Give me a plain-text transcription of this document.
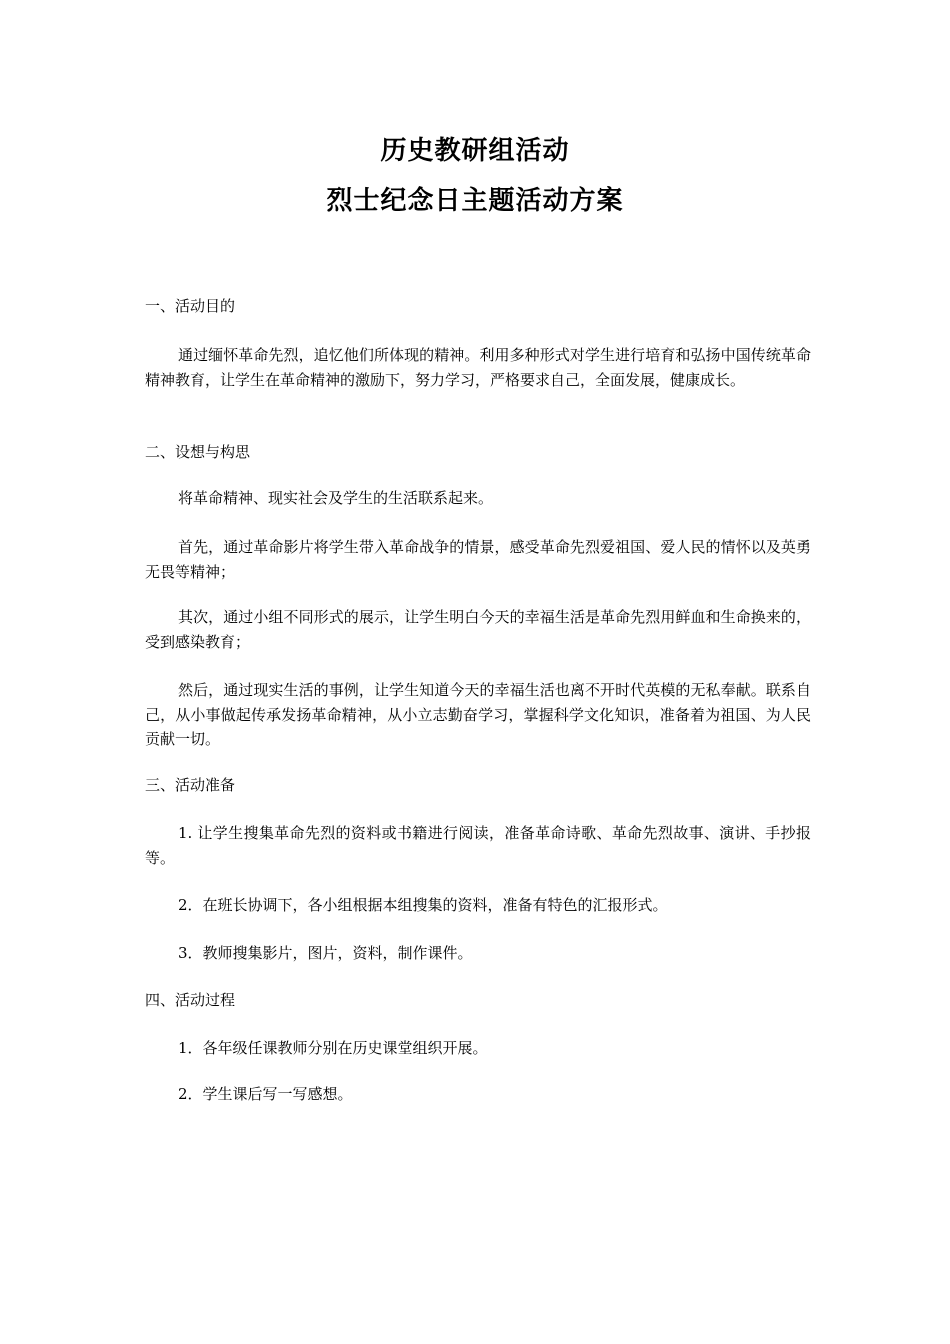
历史教研组活动
烈士纪念日主题活动方案
一、活动目的
通过缅怀革命先烈，追忆他们所体现的精神。利用多种形式对学生进行培育和弘扬中国传统革命精神教育，让学生在革命精神的激励下，努力学习，严格要求自己，全面发展，健康成长。
二、设想与构思
将革命精神、现实社会及学生的生活联系起来。
首先，通过革命影片将学生带入革命战争的情景，感受革命先烈爱祖国、爱人民的情怀以及英勇无畏等精神；
其次，通过小组不同形式的展示，让学生明白今天的幸福生活是革命先烈用鲜血和生命换来的，受到感染教育；
然后，通过现实生活的事例，让学生知道今天的幸福生活也离不开时代英模的无私奉献。联系自己，从小事做起传承发扬革命精神，从小立志勤奋学习，掌握科学文化知识，准备着为祖国、为人民贡献一切。
三、活动准备
1. 让学生搜集革命先烈的资料或书籍进行阅读，准备革命诗歌、革命先烈故事、演讲、手抄报等。
2．在班长协调下，各小组根据本组搜集的资料，准备有特色的汇报形式。
3．教师搜集影片，图片，资料，制作课件。
四、活动过程
1．各年级任课教师分别在历史课堂组织开展。
2．学生课后写一写感想。
